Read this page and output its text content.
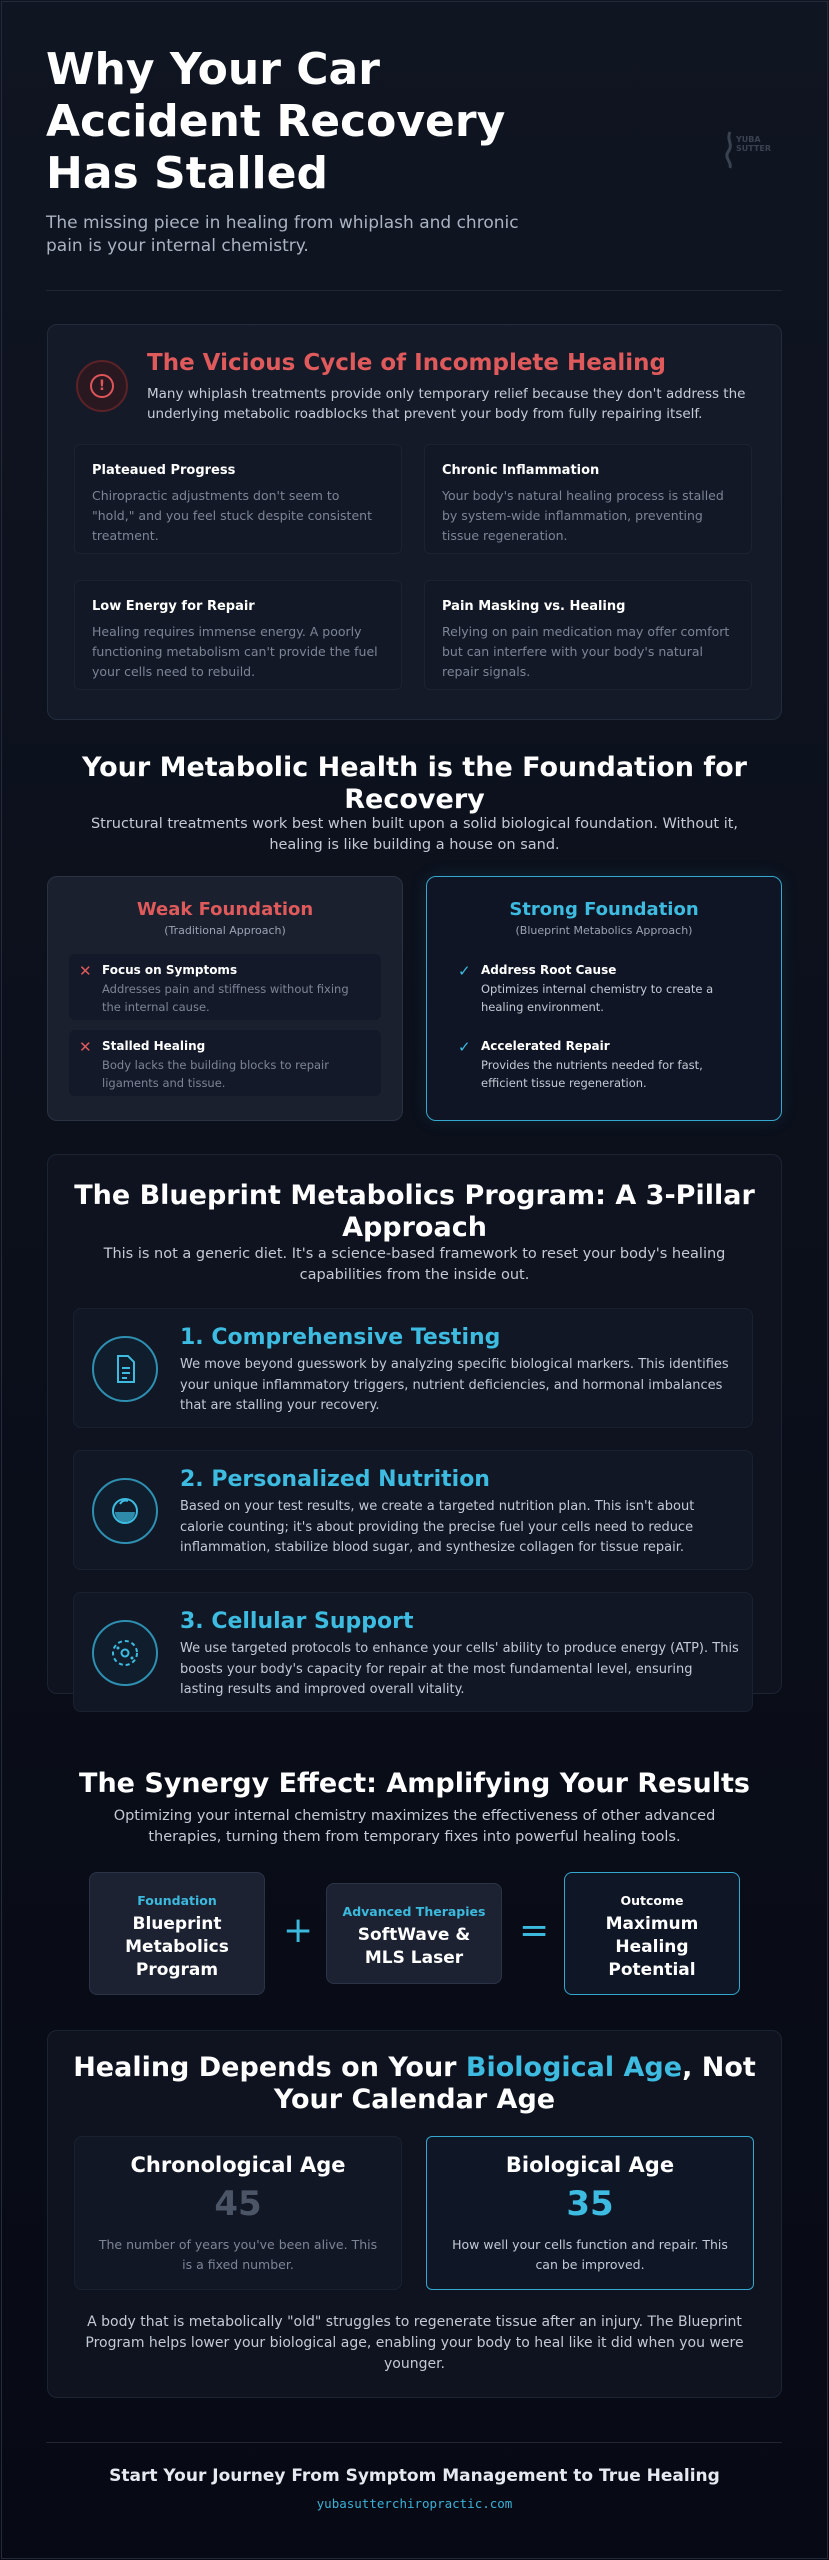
Why Your Car Accident Recovery Has Stalled
The missing piece in healing from whiplash and chronic pain is your internal chemistry.
YUBA SUTTER
!
The Vicious Cycle of Incomplete Healing
Many whiplash treatments provide only temporary relief because they don't address the underlying metabolic roadblocks that prevent your body from fully repairing itself.
Plateaued Progress

Chiropractic adjustments don't seem to "hold," and you feel stuck despite consistent treatment.

Chronic Inflammation

Your body's natural healing process is stalled by system-wide inflammation, preventing tissue regeneration.

Low Energy for Repair

Healing requires immense energy. A poorly functioning metabolism can't provide the fuel your cells need to rebuild.

Pain Masking vs. Healing

Relying on pain medication may offer comfort but can interfere with your body's natural repair signals.

Your Metabolic Health is the Foundation for Recovery
Structural treatments work best when built upon a solid biological foundation. Without it, healing is like building a house on sand.
Weak Foundation
(Traditional Approach)
✕ Focus on Symptoms

Addresses pain and stiffness without fixing the internal cause.

✕ Stalled Healing

Body lacks the building blocks to repair ligaments and tissue.

Strong Foundation
(Blueprint Metabolics Approach)
✓ Address Root Cause

Optimizes internal chemistry to create a healing environment.

✓ Accelerated Repair

Provides the nutrients needed for fast, efficient tissue regeneration.

The Blueprint Metabolics Program: A 3-Pillar Approach
This is not a generic diet. It's a science-based framework to reset your body's healing capabilities from the inside out.
1. Comprehensive Testing

We move beyond guesswork by analyzing specific biological markers. This identifies your unique inflammatory triggers, nutrient deficiencies, and hormonal imbalances that are stalling your recovery.

2. Personalized Nutrition

Based on your test results, we create a targeted nutrition plan. This isn't about calorie counting; it's about providing the precise fuel your cells need to reduce inflammation, stabilize blood sugar, and synthesize collagen for tissue repair.

3. Cellular Support

We use targeted protocols to enhance your cells' ability to produce energy (ATP). This boosts your body's capacity for repair at the most fundamental level, ensuring lasting results and improved overall vitality.

The Synergy Effect: Amplifying Your Results
Optimizing your internal chemistry maximizes the effectiveness of other advanced therapies, turning them from temporary fixes into powerful healing tools.
Foundation
Blueprint Metabolics Program
+	Advanced Therapies
SoftWave & MLS Laser
=
Outcome
Maximum Healing Potential
Healing Depends on Your Biological Age, Not Your Calendar Age
Chronological Age
45
The number of years you've been alive. This is a fixed number.
Biological Age
35
How well your cells function and repair. This can be improved.
A body that is metabolically "old" struggles to regenerate tissue after an injury. The Blueprint Program helps lower your biological age, enabling your body to heal like it did when you were younger.
Start Your Journey From Symptom Management to True Healing
yubasutterchiropractic.com
